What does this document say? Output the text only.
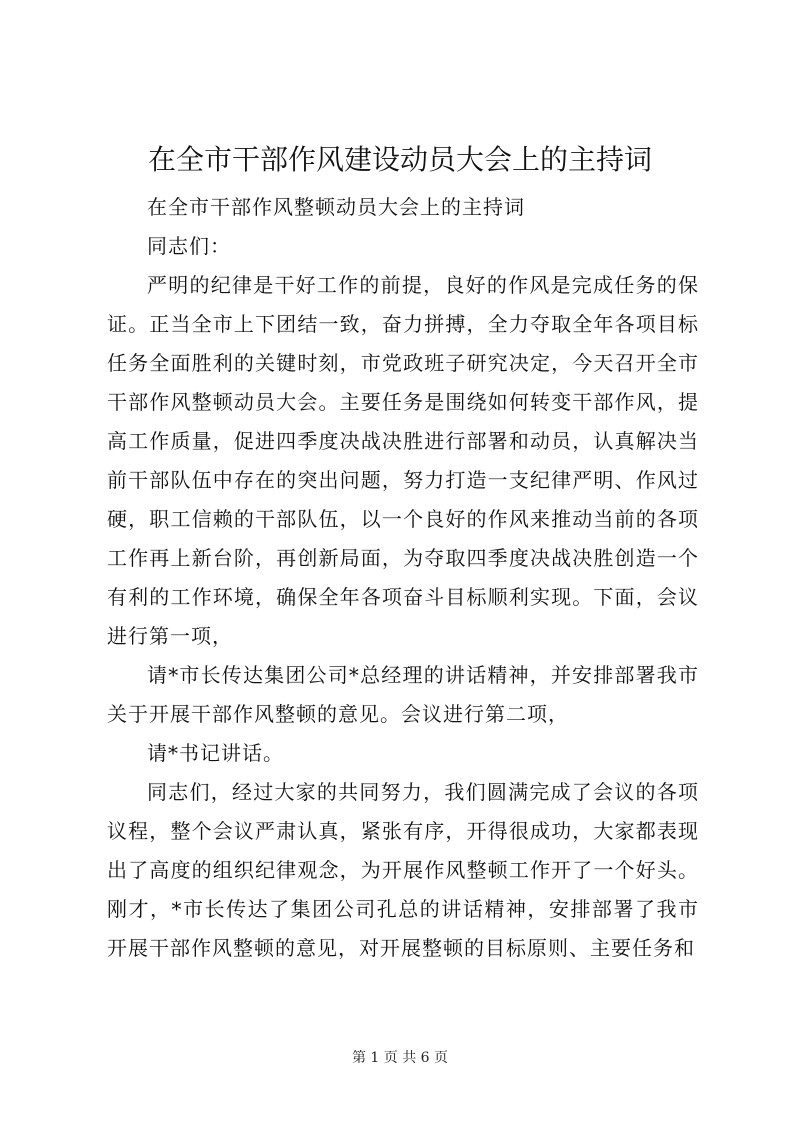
在全市干部作风建设动员大会上的主持词

在全市干部作风整顿动员大会上的主持词

同志们：

严明的纪律是干好工作的前提，良好的作风是完成任务的保证。正当全市上下团结一致，奋力拼搏，全力夺取全年各项目标任务全面胜利的关键时刻，市党政班子研究决定，今天召开全市干部作风整顿动员大会。主要任务是围绕如何转变干部作风，提高工作质量，促进四季度决战决胜进行部署和动员，认真解决当前干部队伍中存在的突出问题，努力打造一支纪律严明、作风过硬，职工信赖的干部队伍，以一个良好的作风来推动当前的各项工作再上新台阶，再创新局面，为夺取四季度决战决胜创造一个有利的工作环境，确保全年各项奋斗目标顺利实现。下面，会议进行第一项，

请*市长传达集团公司*总经理的讲话精神，并安排部署我市关于开展干部作风整顿的意见。会议进行第二项，

请*书记讲话。

同志们，经过大家的共同努力，我们圆满完成了会议的各项议程，整个会议严肃认真，紧张有序，开得很成功，大家都表现出了高度的组织纪律观念，为开展作风整顿工作开了一个好头。刚才，*市长传达了集团公司孔总的讲话精神，安排部署了我市开展干部作风整顿的意见，对开展整顿的目标原则、主要任务和

第 1 页 共 6 页
